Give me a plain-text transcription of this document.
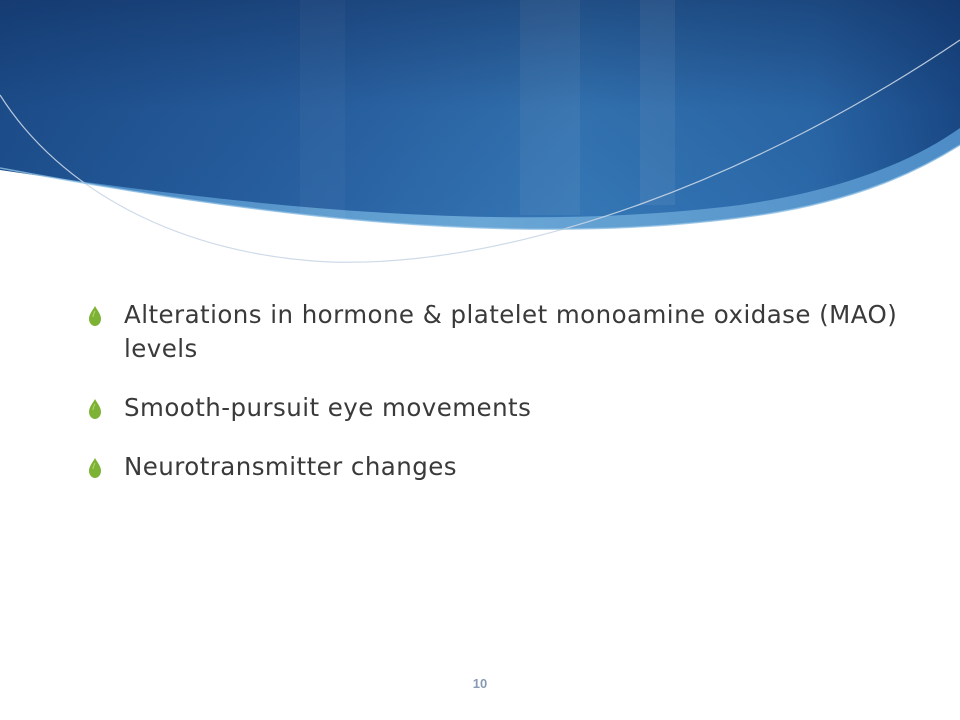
Alterations in hormone & platelet monoamine oxidase (MAO) levels
Smooth-pursuit eye movements
Neurotransmitter changes
10
